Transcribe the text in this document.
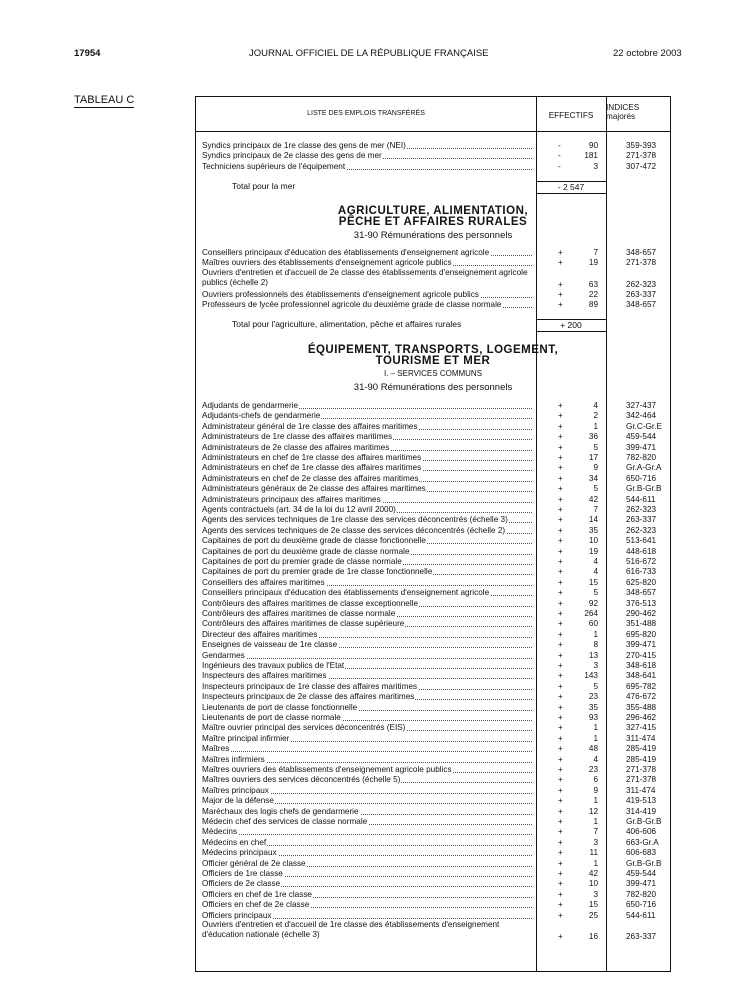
17954	JOURNAL OFFICIEL DE LA RÉPUBLIQUE FRANÇAISE	22 octobre 2003
TABLEAU C
LISTE DES EMPLOIS TRANSFÉRÉS	EFFECTIFS
INDICES
majorés
Syndics principaux de 1re classe des gens de mer (NEI)	-	90	359-393
Syndics principaux de 2e classe des gens de mer	-	181	271-378
Techniciens supérieurs de l'équipement	-	3	307-472
Total pour la mer	- 2 547
AGRICULTURE, ALIMENTATION,
PÊCHE ET AFFAIRES RURALES
31-90 Rémunérations des personnels
Conseillers principaux d'éducation des établissements d'enseignement agricole	+	7	348-657
Maîtres ouvriers des établissements d'enseignement agricole publics	+	19	271-378
Ouvriers d'entretien et d'accueil de 2e classe des établissements d'enseignement agricole publics (échelle 2)	+	63	262-323
Ouvriers professionnels des établissements d'enseignement agricole publics	+	22	263-337
Professeurs de lycée professionnel agricole du deuxième grade de classe normale	+	89	348-657
Total pour l'agriculture, alimentation, pêche et affaires rurales	+ 200
ÉQUIPEMENT, TRANSPORTS, LOGEMENT,
TOURISME ET MER
I. – SERVICES COMMUNS
31-90 Rémunérations des personnels
Adjudants de gendarmerie	+	4	327-437
Adjudants-chefs de gendarmerie	+	2	342-464
Administrateur général de 1re classe des affaires maritimes	+	1	Gr.C-Gr.E
Administrateurs de 1re classe des affaires maritimes	+	36	459-544
Administrateurs de 2e classe des affaires maritimes	+	5	399-471
Administrateurs en chef de 1re classe des affaires maritimes	+	17	782-820
Administrateurs en chef de 1re classe des affaires maritimes	+	9	Gr.A-Gr.A
Administrateurs en chef de 2e classe des affaires maritimes	+	34	650-716
Administrateurs généraux de 2e classe des affaires maritimes	+	5	Gr.B-Gr.B
Administrateurs principaux des affaires maritimes	+	42	544-611
Agents contractuels (art. 34 de la loi du 12 avril 2000)	+	7	262-323
Agents des services techniques de 1re classe des services déconcentrés (échelle 3)	+	14	263-337
Agents des services techniques de 2e classe des services déconcentrés (échelle 2)	+	35	262-323
Capitaines de port du deuxième grade de classe fonctionnelle	+	10	513-641
Capitaines de port du deuxième grade de classe normale	+	19	448-618
Capitaines de port du premier grade de classe normale	+	4	516-672
Capitaines de port du premier grade de 1re classe fonctionnelle	+	4	616-733
Conseillers des affaires maritimes	+	15	625-820
Conseillers principaux d'éducation des établissements d'enseignement agricole	+	5	348-657
Contrôleurs des affaires maritimes de classe exceptionnelle	+	92	376-513
Contrôleurs des affaires maritimes de classe normale	+	264	290-462
Contrôleurs des affaires maritimes de classe supérieure	+	60	351-488
Directeur des affaires maritimes	+	1	695-820
Enseignes de vaisseau de 1re classe	+	8	399-471
Gendarmes	+	13	270-415
Ingénieurs des travaux publics de l'Etat	+	3	348-618
Inspecteurs des affaires maritimes	+	143	348-641
Inspecteurs principaux de 1re classe des affaires maritimes	+	5	695-782
Inspecteurs principaux de 2e classe des affaires maritimes	+	23	476-672
Lieutenants de port de classe fonctionnelle	+	35	355-488
Lieutenants de port de classe normale	+	93	296-462
Maître ouvrier principal des services déconcentrés (EIS)	+	1	327-415
Maître principal infirmier	+	1	311-474
Maîtres	+	48	285-419
Maîtres infirmiers	+	4	285-419
Maîtres ouvriers des établissements d'enseignement agricole publics	+	23	271-378
Maîtres ouvriers des services déconcentrés (échelle 5)	+	6	271-378
Maîtres principaux	+	9	311-474
Major de la défense	+	1	419-513
Maréchaux des logis chefs de gendarmerie	+	12	314-419
Médecin chef des services de classe normale	+	1	Gr.B-Gr.B
Médecins	+	7	406-606
Médecins en chef	+	3	663-Gr.A
Médecins principaux	+	11	606-683
Officier général de 2e classe	+	1	Gr.B-Gr.B
Officiers de 1re classe	+	42	459-544
Officiers de 2e classe	+	10	399-471
Officiers en chef de 1re classe	+	3	782-820
Officiers en chef de 2e classe	+	15	650-716
Officiers principaux	+	25	544-611
Ouvriers d'entretien et d'accueil de 1re classe des établissements d'enseignement d'éducation nationale (échelle 3)	+	16	263-337
